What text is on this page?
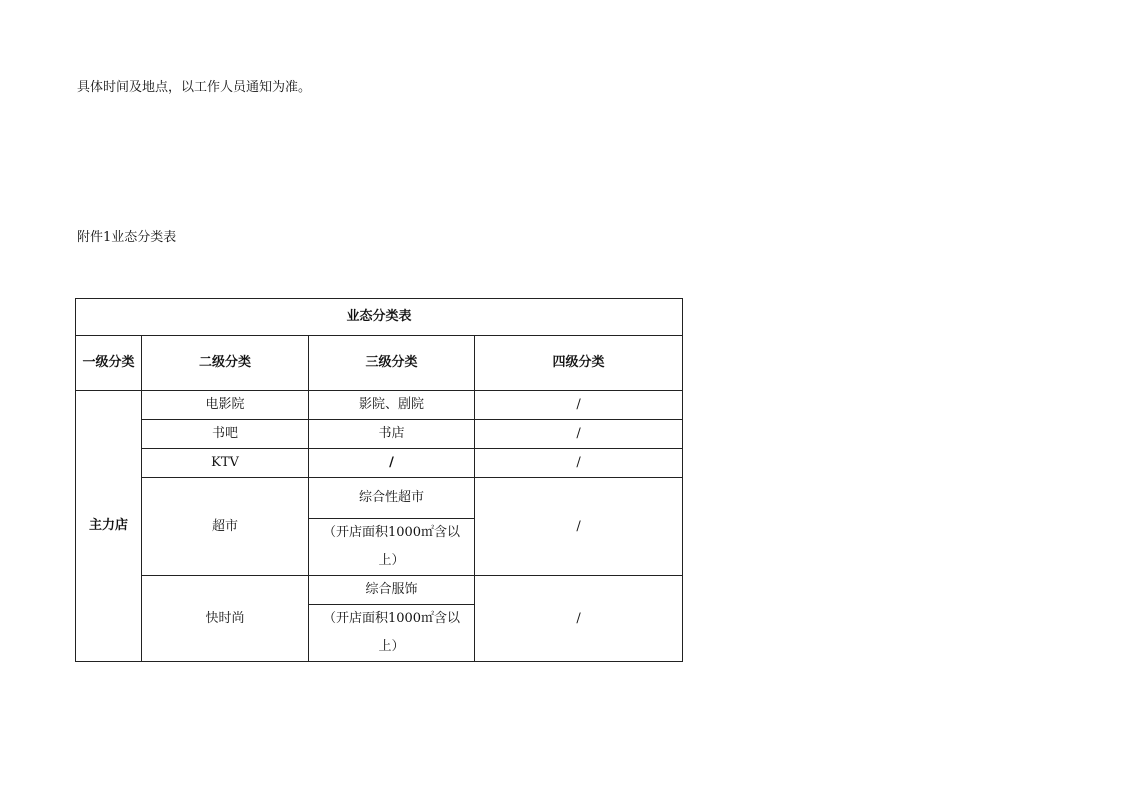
具体时间及地点，以工作人员通知为准。
附件1业态分类表
业态分类表			
一级分类	二级分类	三级分类	四级分类
主力店	电影院	影院、剧院	/
	书吧	书店	/
	KTV	/	/
	超市	综合性超市	/
		（开店面积1000㎡含以上）	
	快时尚	综合服饰	/
		（开店面积1000㎡含以上）	
